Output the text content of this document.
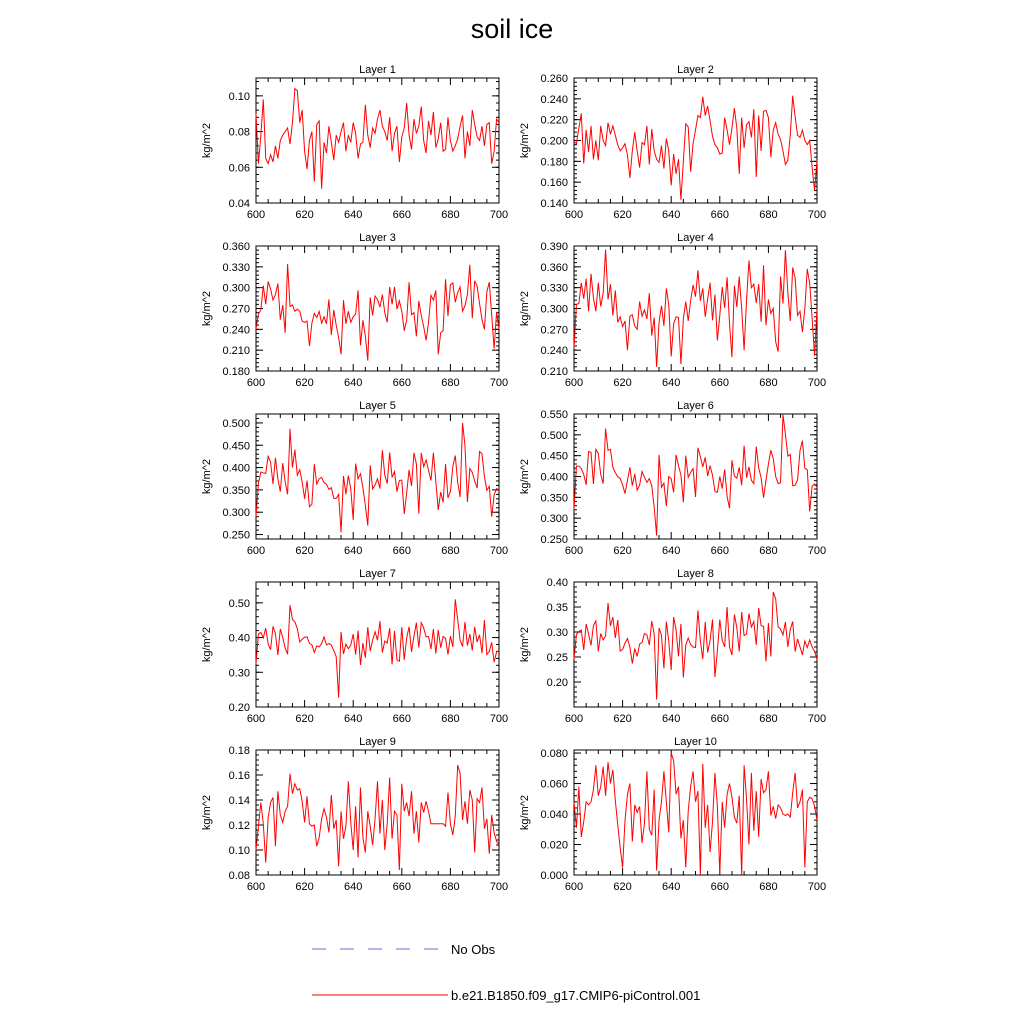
soil ice
Layer 1
kg/m^2
600	620	640	660	680	700
0.04
0.06
0.08
0.10
Layer 2
kg/m^2
600	620	640	660	680	700
0.140
0.160
0.180
0.200
0.220
0.240
0.260
Layer 3
kg/m^2
600	620	640	660	680	700
0.180
0.210
0.240
0.270
0.300
0.330
0.360
Layer 4
kg/m^2
600	620	640	660	680	700
0.210
0.240
0.270
0.300
0.330
0.360
0.390
Layer 5
kg/m^2
600	620	640	660	680	700
0.250
0.300
0.350
0.400
0.450
0.500
Layer 6
kg/m^2
600	620	640	660	680	700
0.250
0.300
0.350
0.400
0.450
0.500
0.550
Layer 7
kg/m^2
600	620	640	660	680	700
0.20
0.30
0.40
0.50
Layer 8
kg/m^2
600	620	640	660	680	700
0.20
0.25
0.30
0.35
0.40
Layer 9
kg/m^2
600	620	640	660	680	700
0.08
0.10
0.12
0.14
0.16
0.18
Layer 10
kg/m^2
600	620	640	660	680	700
0.000
0.020
0.040
0.060
0.080
No Obs
b.e21.B1850.f09_g17.CMIP6-piControl.001
